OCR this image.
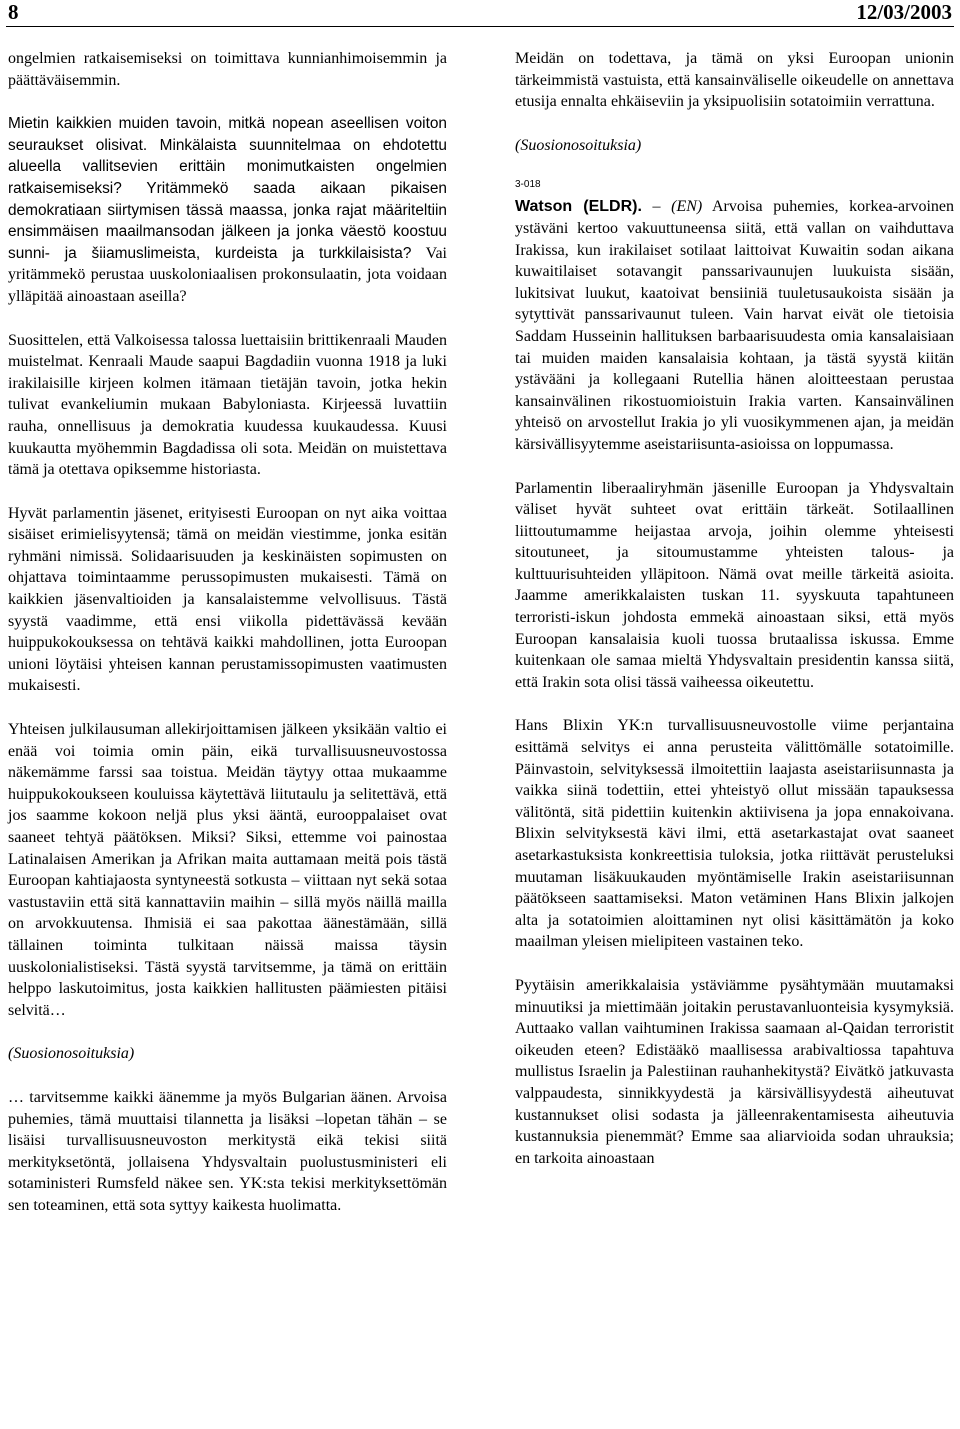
8	12/03/2003

ongelmien ratkaisemiseksi on toimittava kunnianhimoisemmin ja päättäväisemmin.

Mietin kaikkien muiden tavoin, mitkä nopean aseellisen voiton seuraukset olisivat. Minkälaista suunnitelmaa on ehdotettu alueella vallitsevien erittäin monimutkaisten ongelmien ratkaisemiseksi? Yritämmekö saada aikaan pikaisen demokratiaan siirtymisen tässä maassa, jonka rajat määriteltiin ensimmäisen maailmansodan jälkeen ja jonka väestö koostuu sunni- ja šiiamuslimeista, kurdeista ja turkkilaisista? Vai yritämmekö perustaa uuskoloniaalisen prokonsulaatin, jota voidaan ylläpitää ainoastaan aseilla?

Suosittelen, että Valkoisessa talossa luettaisiin brittikenraali Mauden muistelmat. Kenraali Maude saapui Bagdadiin vuonna 1918 ja luki irakilaisille kirjeen kolmen itämaan tietäjän tavoin, jotka hekin tulivat evankeliumin mukaan Babyloniasta. Kirjeessä luvattiin rauha, onnellisuus ja demokratia kuudessa kuukaudessa. Kuusi kuukautta myöhemmin Bagdadissa oli sota. Meidän on muistettava tämä ja otettava opiksemme historiasta.

Hyvät parlamentin jäsenet, erityisesti Euroopan on nyt aika voittaa sisäiset erimielisyytensä; tämä on meidän viestimme, jonka esitän ryhmäni nimissä. Solidaarisuuden ja keskinäisten sopimusten on ohjattava toimintaamme perussopimusten mukaisesti. Tämä on kaikkien jäsenvaltioiden ja kansalaistemme velvollisuus. Tästä syystä vaadimme, että ensi viikolla pidettävässä kevään huippukokouksessa on tehtävä kaikki mahdollinen, jotta Euroopan unioni löytäisi yhteisen kannan perustamissopimusten vaatimusten mukaisesti.

Yhteisen julkilausuman allekirjoittamisen jälkeen yksikään valtio ei enää voi toimia omin päin, eikä turvallisuusneuvostossa näkemämme farssi saa toistua. Meidän täytyy ottaa mukaamme huippukokoukseen kouluissa käytettävä liitutaulu ja selitettävä, että jos saamme kokoon neljä plus yksi ääntä, eurooppalaiset ovat saaneet tehtyä päätöksen. Miksi? Siksi, ettemme voi painostaa Latinalaisen Amerikan ja Afrikan maita auttamaan meitä pois tästä Euroopan kahtiajaosta syntyneestä sotkusta – viittaan nyt sekä sotaa vastustaviin että sitä kannattaviin maihin – sillä myös näillä mailla on arvokkuutensa. Ihmisiä ei saa pakottaa äänestämään, sillä tällainen toiminta tulkitaan näissä maissa täysin uuskolonialistiseksi. Tästä syystä tarvitsemme, ja tämä on erittäin helppo laskutoimitus, josta kaikkien hallitusten päämiesten pitäisi selvitä…

(Suosionosoituksia)

… tarvitsemme kaikki äänemme ja myös Bulgarian äänen. Arvoisa puhemies, tämä muuttaisi tilannetta ja lisäksi –lopetan tähän – se lisäisi turvallisuusneuvoston merkitystä eikä tekisi siitä merkityksetöntä, jollaisena Yhdysvaltain puolustusministeri eli sotaministeri Rumsfeld näkee sen. YK:sta tekisi merkityksettömän sen toteaminen, että sota syttyy kaikesta huolimatta.

Meidän on todettava, ja tämä on yksi Euroopan unionin tärkeimmistä vastuista, että kansainväliselle oikeudelle on annettava etusija ennalta ehkäiseviin ja yksipuolisiin sotatoimiin verrattuna.

(Suosionosoituksia)

3-018

Watson (ELDR). – (EN) Arvoisa puhemies, korkea-arvoinen ystäväni kertoo vakuuttuneensa siitä, että vallan on vaihduttava Irakissa, kun irakilaiset sotilaat laittoivat Kuwaitin sodan aikana kuwaitilaiset sotavangit panssarivaunujen luukuista sisään, lukitsivat luukut, kaatoivat bensiiniä tuuletusaukoista sisään ja sytyttivät panssarivaunut tuleen. Vain harvat eivät ole tietoisia Saddam Husseinin hallituksen barbaarisuudesta omia kansalaisiaan tai muiden maiden kansalaisia kohtaan, ja tästä syystä kiitän ystävääni ja kollegaani Rutellia hänen aloitteestaan perustaa kansainvälinen rikostuomioistuin Irakia varten. Kansainvälinen yhteisö on arvostellut Irakia jo yli vuosikymmenen ajan, ja meidän kärsivällisyytemme aseistariisunta-asioissa on loppumassa.

Parlamentin liberaaliryhmän jäsenille Euroopan ja Yhdysvaltain väliset hyvät suhteet ovat erittäin tärkeät. Sotilaallinen liittoutumamme heijastaa arvoja, joihin olemme yhteisesti sitoutuneet, ja sitoumustamme yhteisten talous- ja kulttuurisuhteiden ylläpitoon. Nämä ovat meille tärkeitä asioita. Jaamme amerikkalaisten tuskan 11. syyskuuta tapahtuneen terroristi-iskun johdosta emmekä ainoastaan siksi, että myös Euroopan kansalaisia kuoli tuossa brutaalissa iskussa. Emme kuitenkaan ole samaa mieltä Yhdysvaltain presidentin kanssa siitä, että Irakin sota olisi tässä vaiheessa oikeutettu.

Hans Blixin YK:n turvallisuusneuvostolle viime perjantaina esittämä selvitys ei anna perusteita välittömälle sotatoimille. Päinvastoin, selvityksessä ilmoitettiin laajasta aseistariisunnasta ja vaikka siinä todettiin, ettei yhteistyö ollut missään tapauksessa välitöntä, sitä pidettiin kuitenkin aktiivisena ja jopa ennakoivana. Blixin selvityksestä kävi ilmi, että asetarkastajat ovat saaneet asetarkastuksista konkreettisia tuloksia, jotka riittävät perusteluksi muutaman lisäkuukauden myöntämiselle Irakin aseistariisunnan päätökseen saattamiseksi. Maton vetäminen Hans Blixin jalkojen alta ja sotatoimien aloittaminen nyt olisi käsittämätön ja koko maailman yleisen mielipiteen vastainen teko.

Pyytäisin amerikkalaisia ystäviämme pysähtymään muutamaksi minuutiksi ja miettimään joitakin perustavanluonteisia kysymyksiä. Auttaako vallan vaihtuminen Irakissa saamaan al-Qaidan terroristit oikeuden eteen? Edistääkö maallisessa arabivaltiossa tapahtuva mullistus Israelin ja Palestiinan rauhanhekitystä? Eivätkö jatkuvasta valppaudesta, sinnikkyydestä ja kärsivällisyydestä aiheutuvat kustannukset olisi sodasta ja jälleenrakentamisesta aiheutuvia kustannuksia pienemmät? Emme saa aliarvioida sodan uhrauksia; en tarkoita ainoastaan
